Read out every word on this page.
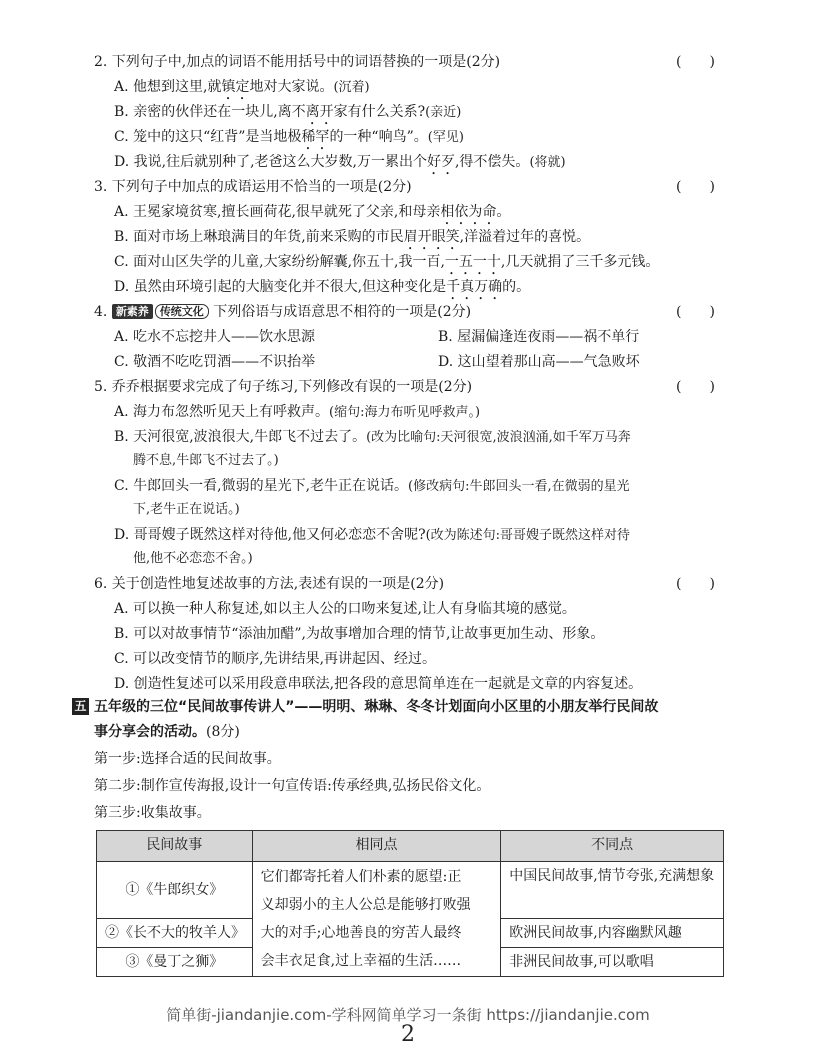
2. 下列句子中,加点的词语不能用括号中的词语替换的一项是(2分)	(　　)
A. 他想到这里,就镇定地对大家说。(沉着)
B. 亲密的伙伴还在一块儿,离不离开家有什么关系?(亲近)
C. 笼中的这只“红背”是当地极稀罕的一种“响鸟”。(罕见)
D. 我说,往后就别种了,老爸这么大岁数,万一累出个好歹,得不偿失。(将就)
3. 下列句子中加点的成语运用不恰当的一项是(2分)	(　　)
A. 王冕家境贫寒,擅长画荷花,很早就死了父亲,和母亲相依为命。
B. 面对市场上琳琅满目的年货,前来采购的市民眉开眼笑,洋溢着过年的喜悦。
C. 面对山区失学的儿童,大家纷纷解囊,你五十,我一百,一五一十,几天就捐了三千多元钱。
D. 虽然由环境引起的大脑变化并不很大,但这种变化是千真万确的。
4. 新素养 传统文化 下列俗语与成语意思不相符的一项是(2分)	(　　)
A. 吃水不忘挖井人——饮水思源	B. 屋漏偏逢连夜雨——祸不单行
C. 敬酒不吃吃罚酒——不识抬举	D. 这山望着那山高——气急败坏
5. 乔乔根据要求完成了句子练习,下列修改有误的一项是(2分)	(　　)
A. 海力布忽然听见天上有呼救声。(缩句:海力布听见呼救声。)
B. 天河很宽,波浪很大,牛郎飞不过去了。(改为比喻句:天河很宽,波浪汹涌,如千军万马奔
腾不息,牛郎飞不过去了。)
C. 牛郎回头一看,微弱的星光下,老牛正在说话。(修改病句:牛郎回头一看,在微弱的星光
下,老牛正在说话。)
D. 哥哥嫂子既然这样对待他,他又何必恋恋不舍呢?(改为陈述句:哥哥嫂子既然这样对待
他,他不必恋恋不舍。)
6. 关于创造性地复述故事的方法,表述有误的一项是(2分)	(　　)
A. 可以换一种人称复述,如以主人公的口吻来复述,让人有身临其境的感觉。
B. 可以对故事情节“添油加醋”,为故事增加合理的情节,让故事更加生动、形象。
C. 可以改变情节的顺序,先讲结果,再讲起因、经过。
D. 创造性复述可以采用段意串联法,把各段的意思简单连在一起就是文章的内容复述。
五 五年级的三位“民间故事传讲人”——明明、琳琳、冬冬计划面向小区里的小朋友举行民间故
事分享会的活动。(8分)
第一步:选择合适的民间故事。
第二步:制作宣传海报,设计一句宣传语:传承经典,弘扬民俗文化。
第三步:收集故事。
民间故事	相同点	不同点
①《牛郎织女》	它们都寄托着人们朴素的愿望:正
义却弱小的主人公总是能够打败强
大的对手;心地善良的穷苦人最终
会丰衣足食,过上幸福的生活……	中国民间故事,情节夸张,充满想象
②《长不大的牧羊人》		欧洲民间故事,内容幽默风趣
③《曼丁之狮》		非洲民间故事,可以歌唱
简单街-jiandanjie.com-学科网简单学习一条街 https://jiandanjie.com
2
